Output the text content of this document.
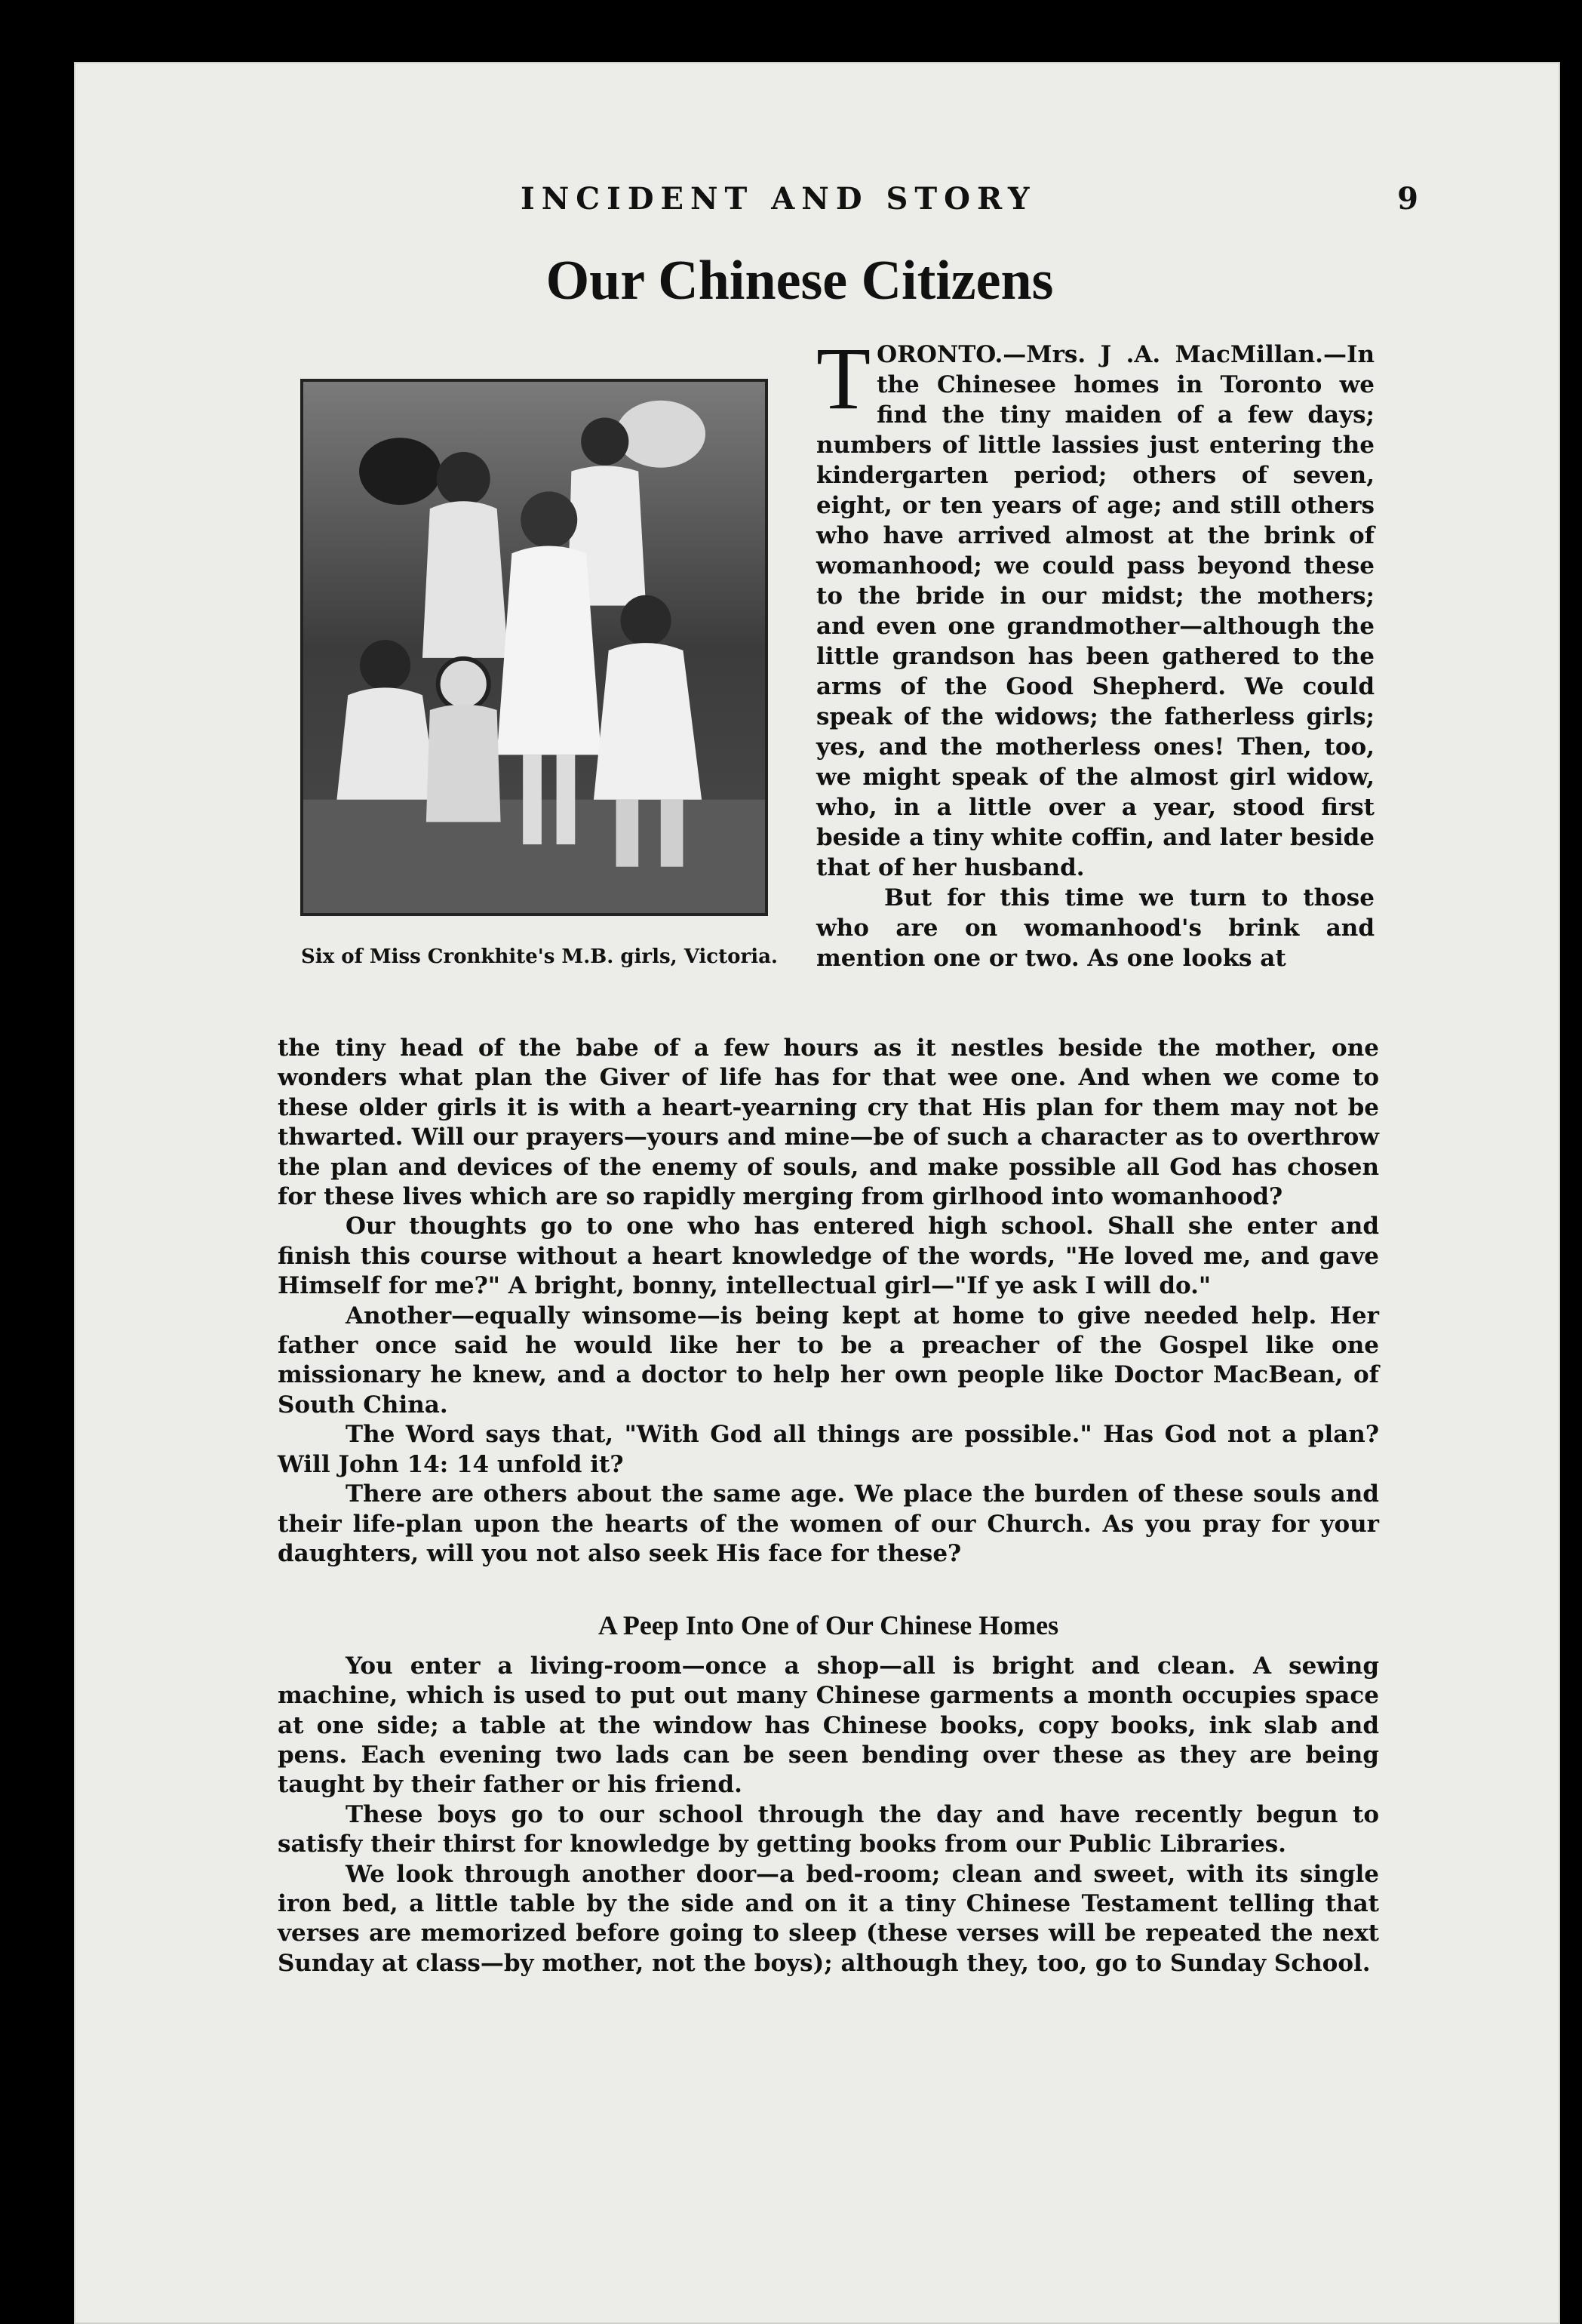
INCIDENT AND STORY	9
Our Chinese Citizens
Six of Miss Cronkhite's M.B. girls, Victoria.

TORONTO.—Mrs. J .A. MacMillan.—In the Chinesee homes in Toronto we find the tiny maiden of a few days; numbers of little lassies just entering the kindergarten period; others of seven, eight, or ten years of age; and still others who have arrived almost at the brink of womanhood; we could pass beyond these to the bride in our midst; the mothers; and even one grandmother—although the little grandson has been gathered to the arms of the Good Shepherd. We could speak of the widows; the fatherless girls; yes, and the motherless ones! Then, too, we might speak of the almost girl widow, who, in a little over a year, stood first beside a tiny white coffin, and later beside that of her husband.

But for this time we turn to those who are on womanhood's brink and mention one or two. As one looks at

the tiny head of the babe of a few hours as it nestles beside the mother, one wonders what plan the Giver of life has for that wee one. And when we come to these older girls it is with a heart-yearning cry that His plan for them may not be thwarted. Will our prayers—yours and mine—be of such a character as to overthrow the plan and devices of the enemy of souls, and make possible all God has chosen for these lives which are so rapidly merging from girlhood into womanhood?

Our thoughts go to one who has entered high school. Shall she enter and finish this course without a heart knowledge of the words, "He loved me, and gave Himself for me?" A bright, bonny, intellectual girl—"If ye ask I will do."

Another—equally winsome—is being kept at home to give needed help. Her father once said he would like her to be a preacher of the Gospel like one missionary he knew, and a doctor to help her own people like Doctor MacBean, of South China.

The Word says that, "With God all things are possible." Has God not a plan? Will John 14: 14 unfold it?

There are others about the same age. We place the burden of these souls and their life-plan upon the hearts of the women of our Church. As you pray for your daughters, will you not also seek His face for these?

A Peep Into One of Our Chinese Homes

You enter a living-room—once a shop—all is bright and clean. A sewing machine, which is used to put out many Chinese garments a month occupies space at one side; a table at the window has Chinese books, copy books, ink slab and pens. Each evening two lads can be seen bending over these as they are being taught by their father or his friend.

These boys go to our school through the day and have recently begun to satisfy their thirst for knowledge by getting books from our Public Libraries.

We look through another door—a bed-room; clean and sweet, with its single iron bed, a little table by the side and on it a tiny Chinese Testament telling that verses are memorized before going to sleep (these verses will be repeated the next Sunday at class—by mother, not the boys); although they, too, go to Sunday School.
